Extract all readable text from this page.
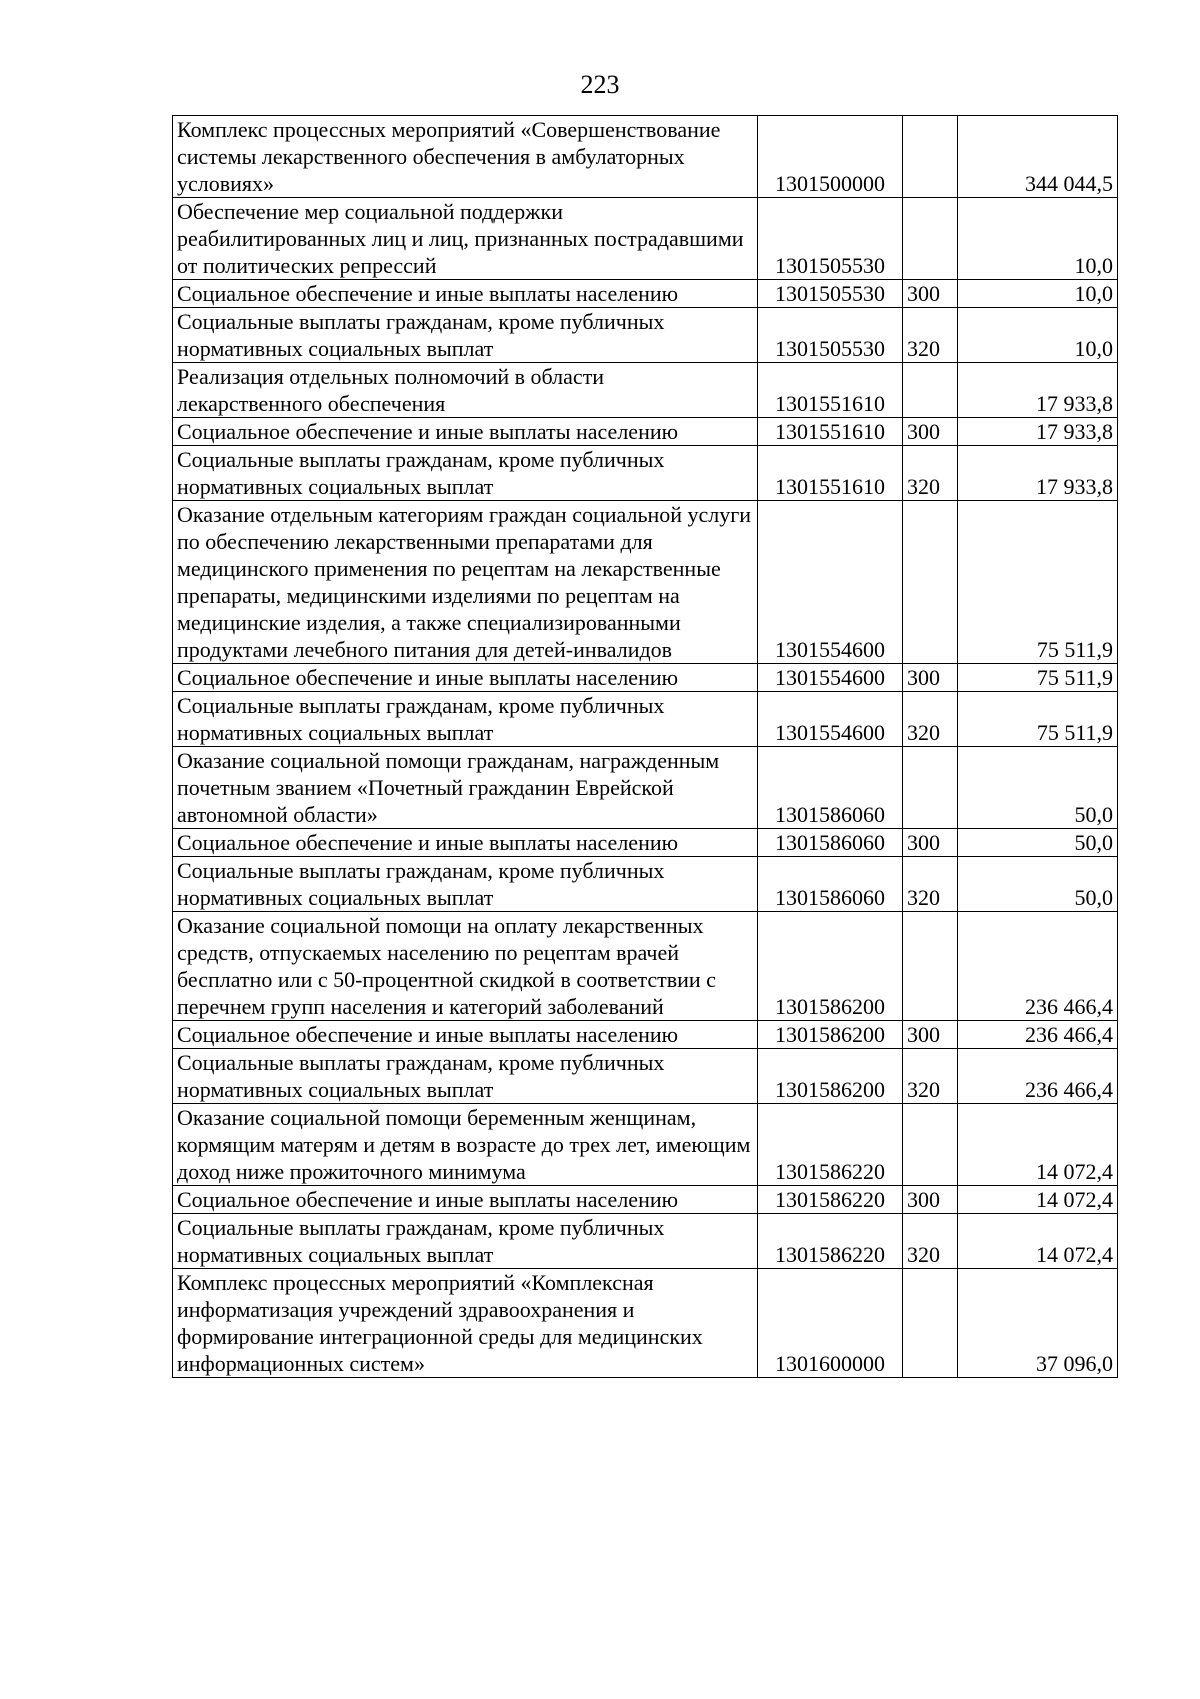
223
Комплекс процессных мероприятий «Совершенствование системы лекарственного обеспечения в амбулаторных условиях»	1301500000		344 044,5
Обеспечение мер социальной поддержки реабилитированных лиц и лиц, признанных пострадавшими от политических репрессий	1301505530		10,0
Социальное обеспечение и иные выплаты населению	1301505530	300	10,0
Социальные выплаты гражданам, кроме публичных нормативных социальных выплат	1301505530	320	10,0
Реализация отдельных полномочий в области лекарственного обеспечения	1301551610		17 933,8
Социальное обеспечение и иные выплаты населению	1301551610	300	17 933,8
Социальные выплаты гражданам, кроме публичных нормативных социальных выплат	1301551610	320	17 933,8
Оказание отдельным категориям граждан социальной услуги по обеспечению лекарственными препаратами для медицинского применения по рецептам на лекарственные препараты, медицинскими изделиями по рецептам на медицинские изделия, а также специализированными продуктами лечебного питания для детей-инвалидов	1301554600		75 511,9
Социальное обеспечение и иные выплаты населению	1301554600	300	75 511,9
Социальные выплаты гражданам, кроме публичных нормативных социальных выплат	1301554600	320	75 511,9
Оказание социальной помощи гражданам, награжденным почетным званием «Почетный гражданин Еврейской автономной области»	1301586060		50,0
Социальное обеспечение и иные выплаты населению	1301586060	300	50,0
Социальные выплаты гражданам, кроме публичных нормативных социальных выплат	1301586060	320	50,0
Оказание социальной помощи на оплату лекарственных средств, отпускаемых населению по рецептам врачей бесплатно или с 50-процентной скидкой в соответствии с перечнем групп населения и категорий заболеваний	1301586200		236 466,4
Социальное обеспечение и иные выплаты населению	1301586200	300	236 466,4
Социальные выплаты гражданам, кроме публичных нормативных социальных выплат	1301586200	320	236 466,4
Оказание социальной помощи беременным женщинам, кормящим матерям и детям в возрасте до трех лет, имеющим доход ниже прожиточного минимума	1301586220		14 072,4
Социальное обеспечение и иные выплаты населению	1301586220	300	14 072,4
Социальные выплаты гражданам, кроме публичных нормативных социальных выплат	1301586220	320	14 072,4
Комплекс процессных мероприятий «Комплексная информатизация учреждений здравоохранения и формирование интеграционной среды для медицинских информационных систем»	1301600000		37 096,0
